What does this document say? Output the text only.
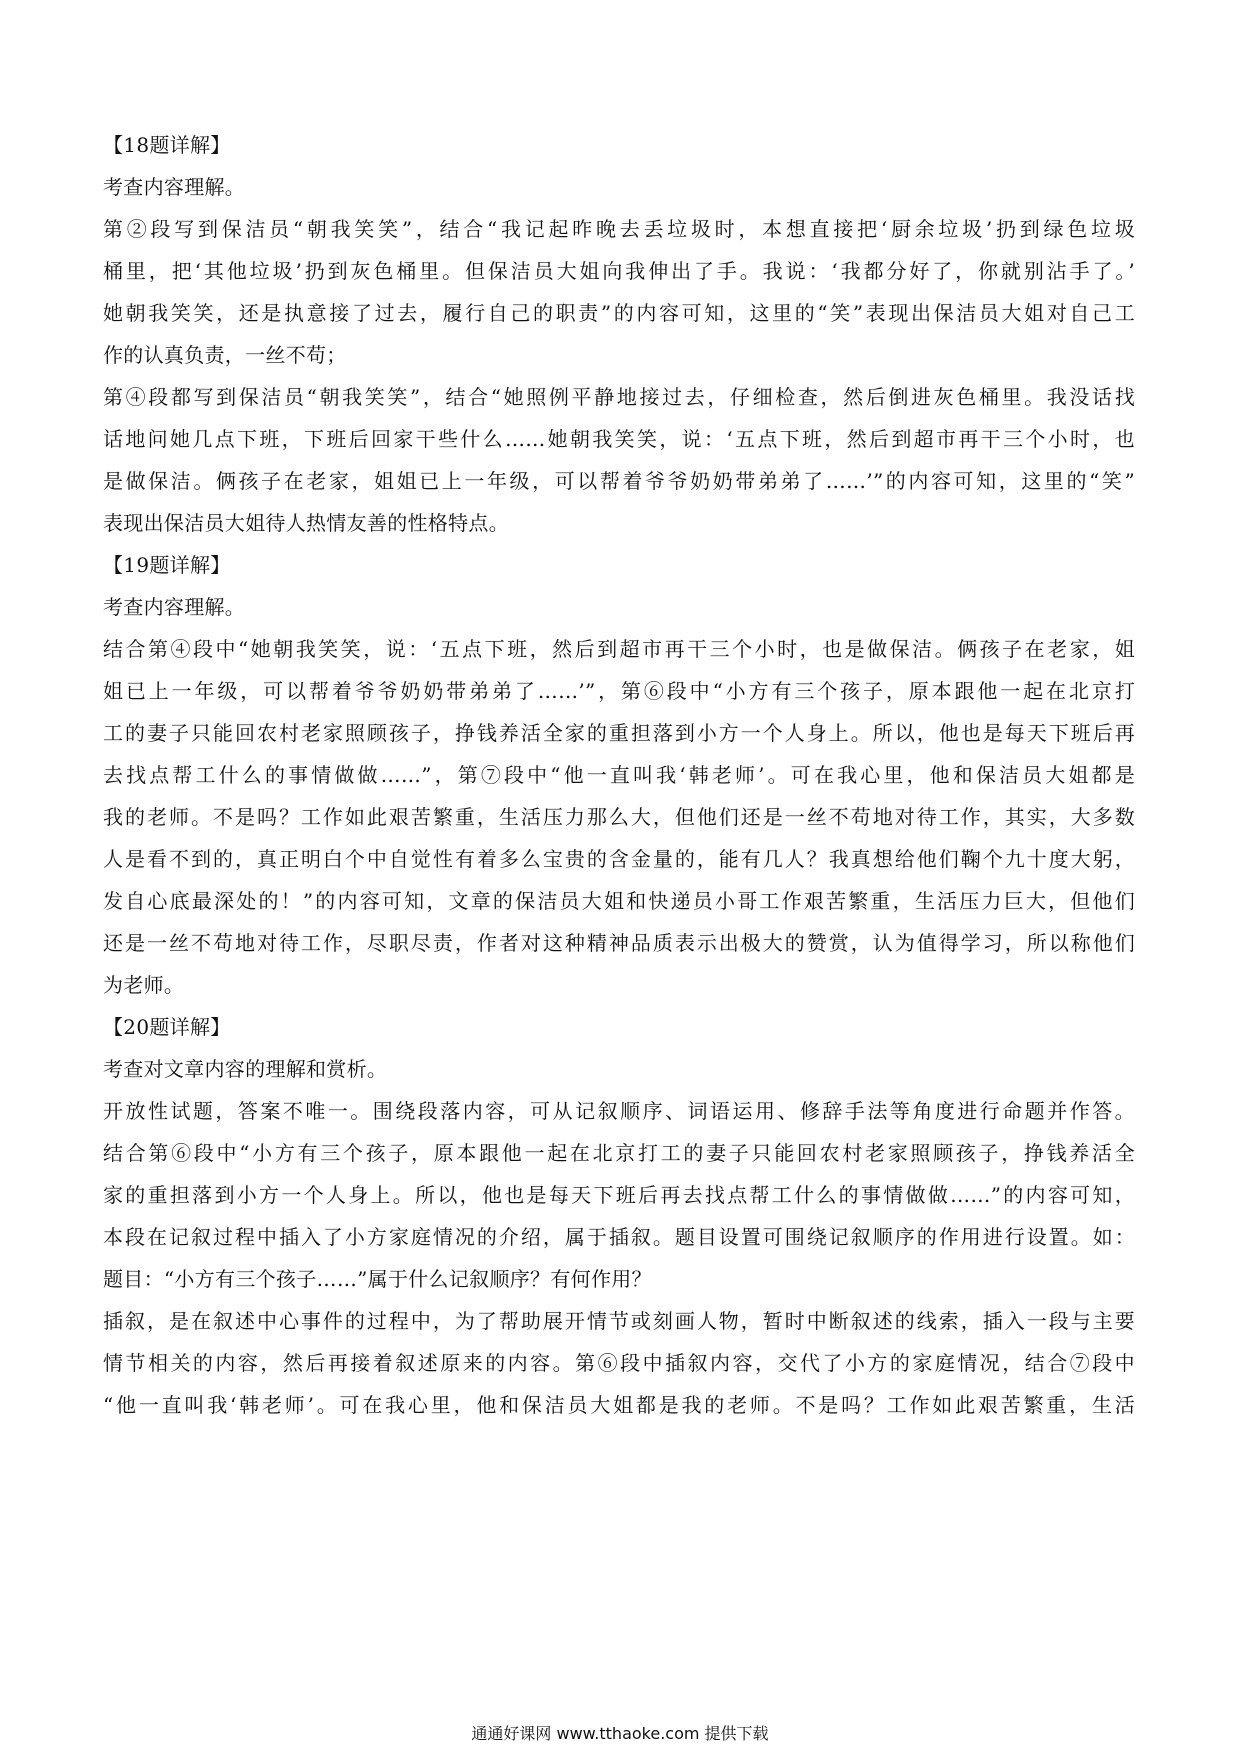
【18题详解】
考查内容理解。
第②段写到保洁员“朝我笑笑”，结合“我记起昨晚去丢垃圾时，本想直接把‘厨余垃圾’扔到绿色垃圾
桶里，把‘其他垃圾’扔到灰色桶里。但保洁员大姐向我伸出了手。我说：‘我都分好了，你就别沾手了。’
她朝我笑笑，还是执意接了过去，履行自己的职责”的内容可知，这里的“笑”表现出保洁员大姐对自己工
作的认真负责，一丝不苟；
第④段都写到保洁员“朝我笑笑”，结合“她照例平静地接过去，仔细检查，然后倒进灰色桶里。我没话找
话地问她几点下班，下班后回家干些什么……她朝我笑笑，说：‘五点下班，然后到超市再干三个小时，也
是做保洁。俩孩子在老家，姐姐已上一年级，可以帮着爷爷奶奶带弟弟了……’”的内容可知，这里的“笑”
表现出保洁员大姐待人热情友善的性格特点。
【19题详解】
考查内容理解。
结合第④段中“她朝我笑笑，说：‘五点下班，然后到超市再干三个小时，也是做保洁。俩孩子在老家，姐
姐已上一年级，可以帮着爷爷奶奶带弟弟了……’”，第⑥段中“小方有三个孩子，原本跟他一起在北京打
工的妻子只能回农村老家照顾孩子，挣钱养活全家的重担落到小方一个人身上。所以，他也是每天下班后再
去找点帮工什么的事情做做……”，第⑦段中“他一直叫我‘韩老师’。可在我心里，他和保洁员大姐都是
我的老师。不是吗？工作如此艰苦繁重，生活压力那么大，但他们还是一丝不苟地对待工作，其实，大多数
人是看不到的，真正明白个中自觉性有着多么宝贵的含金量的，能有几人？我真想给他们鞠个九十度大躬，
发自心底最深处的！”的内容可知，文章的保洁员大姐和快递员小哥工作艰苦繁重，生活压力巨大，但他们
还是一丝不苟地对待工作，尽职尽责，作者对这种精神品质表示出极大的赞赏，认为值得学习，所以称他们
为老师。
【20题详解】
考查对文章内容的理解和赏析。
开放性试题，答案不唯一。围绕段落内容，可从记叙顺序、词语运用、修辞手法等角度进行命题并作答。
结合第⑥段中“小方有三个孩子，原本跟他一起在北京打工的妻子只能回农村老家照顾孩子，挣钱养活全
家的重担落到小方一个人身上。所以，他也是每天下班后再去找点帮工什么的事情做做……”的内容可知，
本段在记叙过程中插入了小方家庭情况的介绍，属于插叙。题目设置可围绕记叙顺序的作用进行设置。如：
题目：“小方有三个孩子……”属于什么记叙顺序？有何作用？
插叙，是在叙述中心事件的过程中，为了帮助展开情节或刻画人物，暂时中断叙述的线索，插入一段与主要
情节相关的内容，然后再接着叙述原来的内容。第⑥段中插叙内容，交代了小方的家庭情况，结合⑦段中
“他一直叫我‘韩老师’。可在我心里，他和保洁员大姐都是我的老师。不是吗？工作如此艰苦繁重，生活
通通好课网 www.tthaoke.com 提供下载
